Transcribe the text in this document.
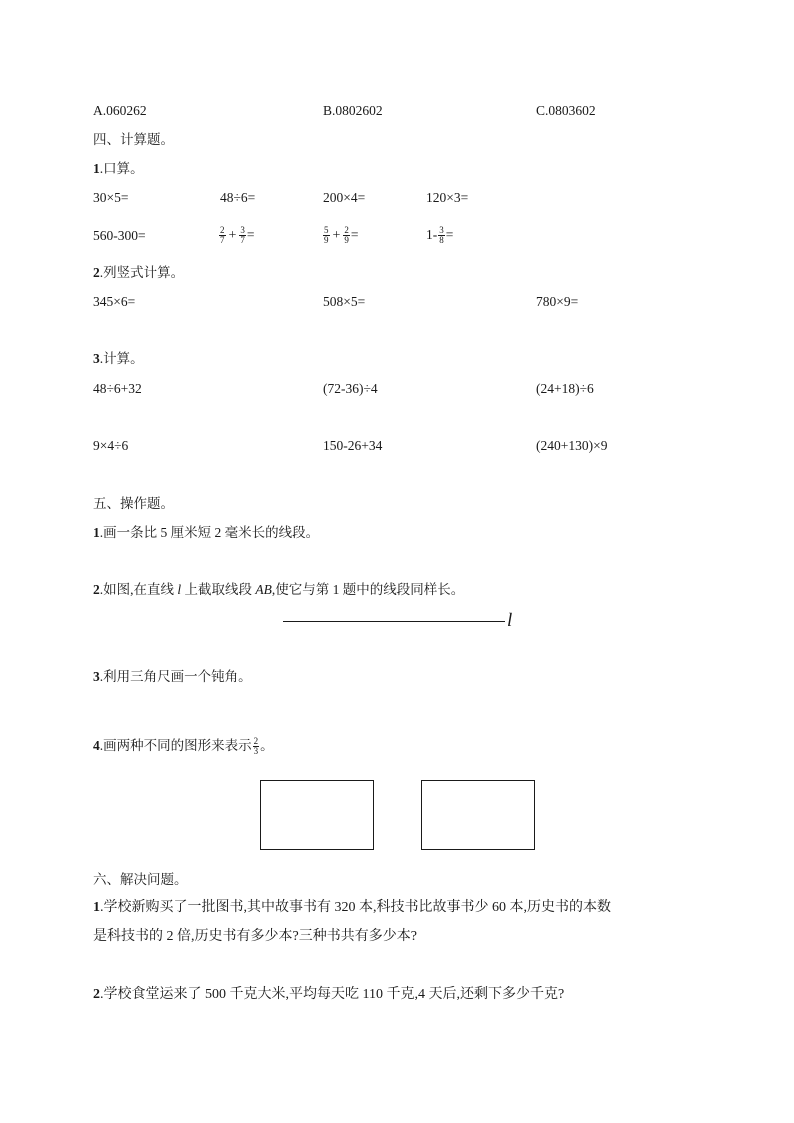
A.060262	B.0802602	C.0803602
四、计算题。
1.口算。
30×5=	48÷6=	200×4=	120×3=
560-300=	$\frac{2}{7} + \frac{3}{7}$ =	$\frac{5}{9} + \frac{2}{9}$ =	$1- \frac{3}{8}$ =
2.列竖式计算。
345×6=	508×5=	780×9=
3.计算。
48÷6+32	(72-36)÷4	(24+18)÷6
9×4÷6	150-26+34	(240+130)×9
五、操作题。
1.画一条比 5 厘米短 2 毫米长的线段。
2.如图,在直线 l 上截取线段 AB,使它与第 1 题中的线段同样长。
l
3.利用三角尺画一个钝角。
4.画两种不同的图形来表示 $\frac{2}{3}$ 。
六、解决问题。
1.学校新购买了一批图书,其中故事书有 320 本,科技书比故事书少 60 本,历史书的本数
是科技书的 2 倍,历史书有多少本?三种书共有多少本?
2.学校食堂运来了 500 千克大米,平均每天吃 110 千克,4 天后,还剩下多少千克?
